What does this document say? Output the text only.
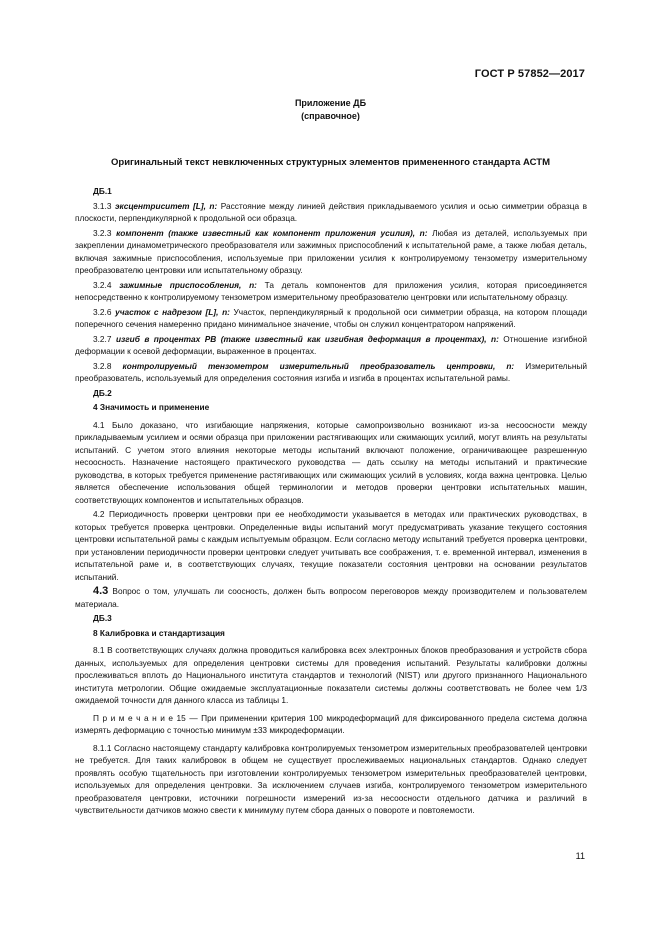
ГОСТ Р 57852—2017
Приложение ДБ
(справочное)
Оригинальный текст невключенных структурных элементов примененного стандарта АСТМ

ДБ.1

3.1.3 эксцентриситет [L], n: Расстояние между линией действия прикладываемого усилия и осью симметрии образца в плоскости, перпендикулярной к продольной оси образца.

3.2.3 компонент (также известный как компонент приложения усилия), n: Любая из деталей, используемых при закреплении динамометрического преобразователя или зажимных приспособлений к испытательной раме, а также любая деталь, включая зажимные приспособления, используемые при приложении усилия к контролируемому тензометру измерительному преобразователю центровки или испытательному образцу.

3.2.4 зажимные приспособления, n: Та деталь компонентов для приложения усилия, которая присоединяется непосредственно к контролируемому тензометром измерительному преобразователю центровки или испытательному образцу.

3.2.6 участок с надрезом [L], n: Участок, перпендикулярный к продольной оси симметрии образца, на котором площади поперечного сечения намеренно придано минимальное значение, чтобы он служил концентратором напряжений.

3.2.7 изгиб в процентах PB (также известный как изгибная деформация в процентах), n: Отношение изгибной деформации к осевой деформации, выраженное в процентах.

3.2.8 контролируемый тензометром измерительный преобразователь центровки, n: Измерительный преобразователь, используемый для определения состояния изгиба и изгиба в процентах испытательной рамы.

ДБ.2

4 Значимость и применение

4.1 Было доказано, что изгибающие напряжения, которые самопроизвольно возникают из-за несоосности между прикладываемым усилием и осями образца при приложении растягивающих или сжимающих усилий, могут влиять на результаты испытаний. С учетом этого влияния некоторые методы испытаний включают положение, ограничивающее разрешенную несоосность. Назначение настоящего практического руководства — дать ссылку на методы испытаний и практические руководства, в которых требуется применение растягивающих или сжимающих усилий в условиях, когда важна центровка. Целью является обеспечение использования общей терминологии и методов проверки центровки испытательных машин, соответствующих компонентов и испытательных образцов.

4.2 Периодичность проверки центровки при ее необходимости указывается в методах или практических руководствах, в которых требуется проверка центровки. Определенные виды испытаний могут предусматривать указание текущего состояния центровки испытательной рамы с каждым испытуемым образцом. Если согласно методу испытаний требуется проверка центровки, при установлении периодичности проверки центровки следует учитывать все соображения, т. е. временной интервал, изменения в испытательной раме и, в соответствующих случаях, текущие показатели состояния центровки на основании результатов испытаний.

4.3 Вопрос о том, улучшать ли соосность, должен быть вопросом переговоров между производителем и пользователем материала.

ДБ.3

8 Калибровка и стандартизация

8.1 В соответствующих случаях должна проводиться калибровка всех электронных блоков преобразования и устройств сбора данных, используемых для определения центровки системы для проведения испытаний. Результаты калибровки должны прослеживаться вплоть до Национального института стандартов и технологий (NIST) или другого признанного Национального института метрологии. Общие ожидаемые эксплуатационные показатели системы должны соответствовать не более чем 1/3 ожидаемой точности для данного класса из таблицы 1.

П р и м е ч а н и е 15 — При применении критерия 100 микродеформаций для фиксированного предела система должна измерять деформацию с точностью минимум ±33 микродеформации.

8.1.1 Согласно настоящему стандарту калибровка контролируемых тензометром измерительных преобразователей центровки не требуется. Для таких калибровок в общем не существует прослеживаемых национальных стандартов. Однако следует проявлять особую тщательность при изготовлении контролируемых тензометром измерительных преобразователей центровки, используемых для определения центровки. За исключением случаев изгиба, контролируемого тензометром измерительного преобразователя центровки, источники погрешности измерений из-за несоосности отдельного датчика и различий в чувствительности датчиков можно свести к минимуму путем сбора данных о повороте и повтояемости.

11
